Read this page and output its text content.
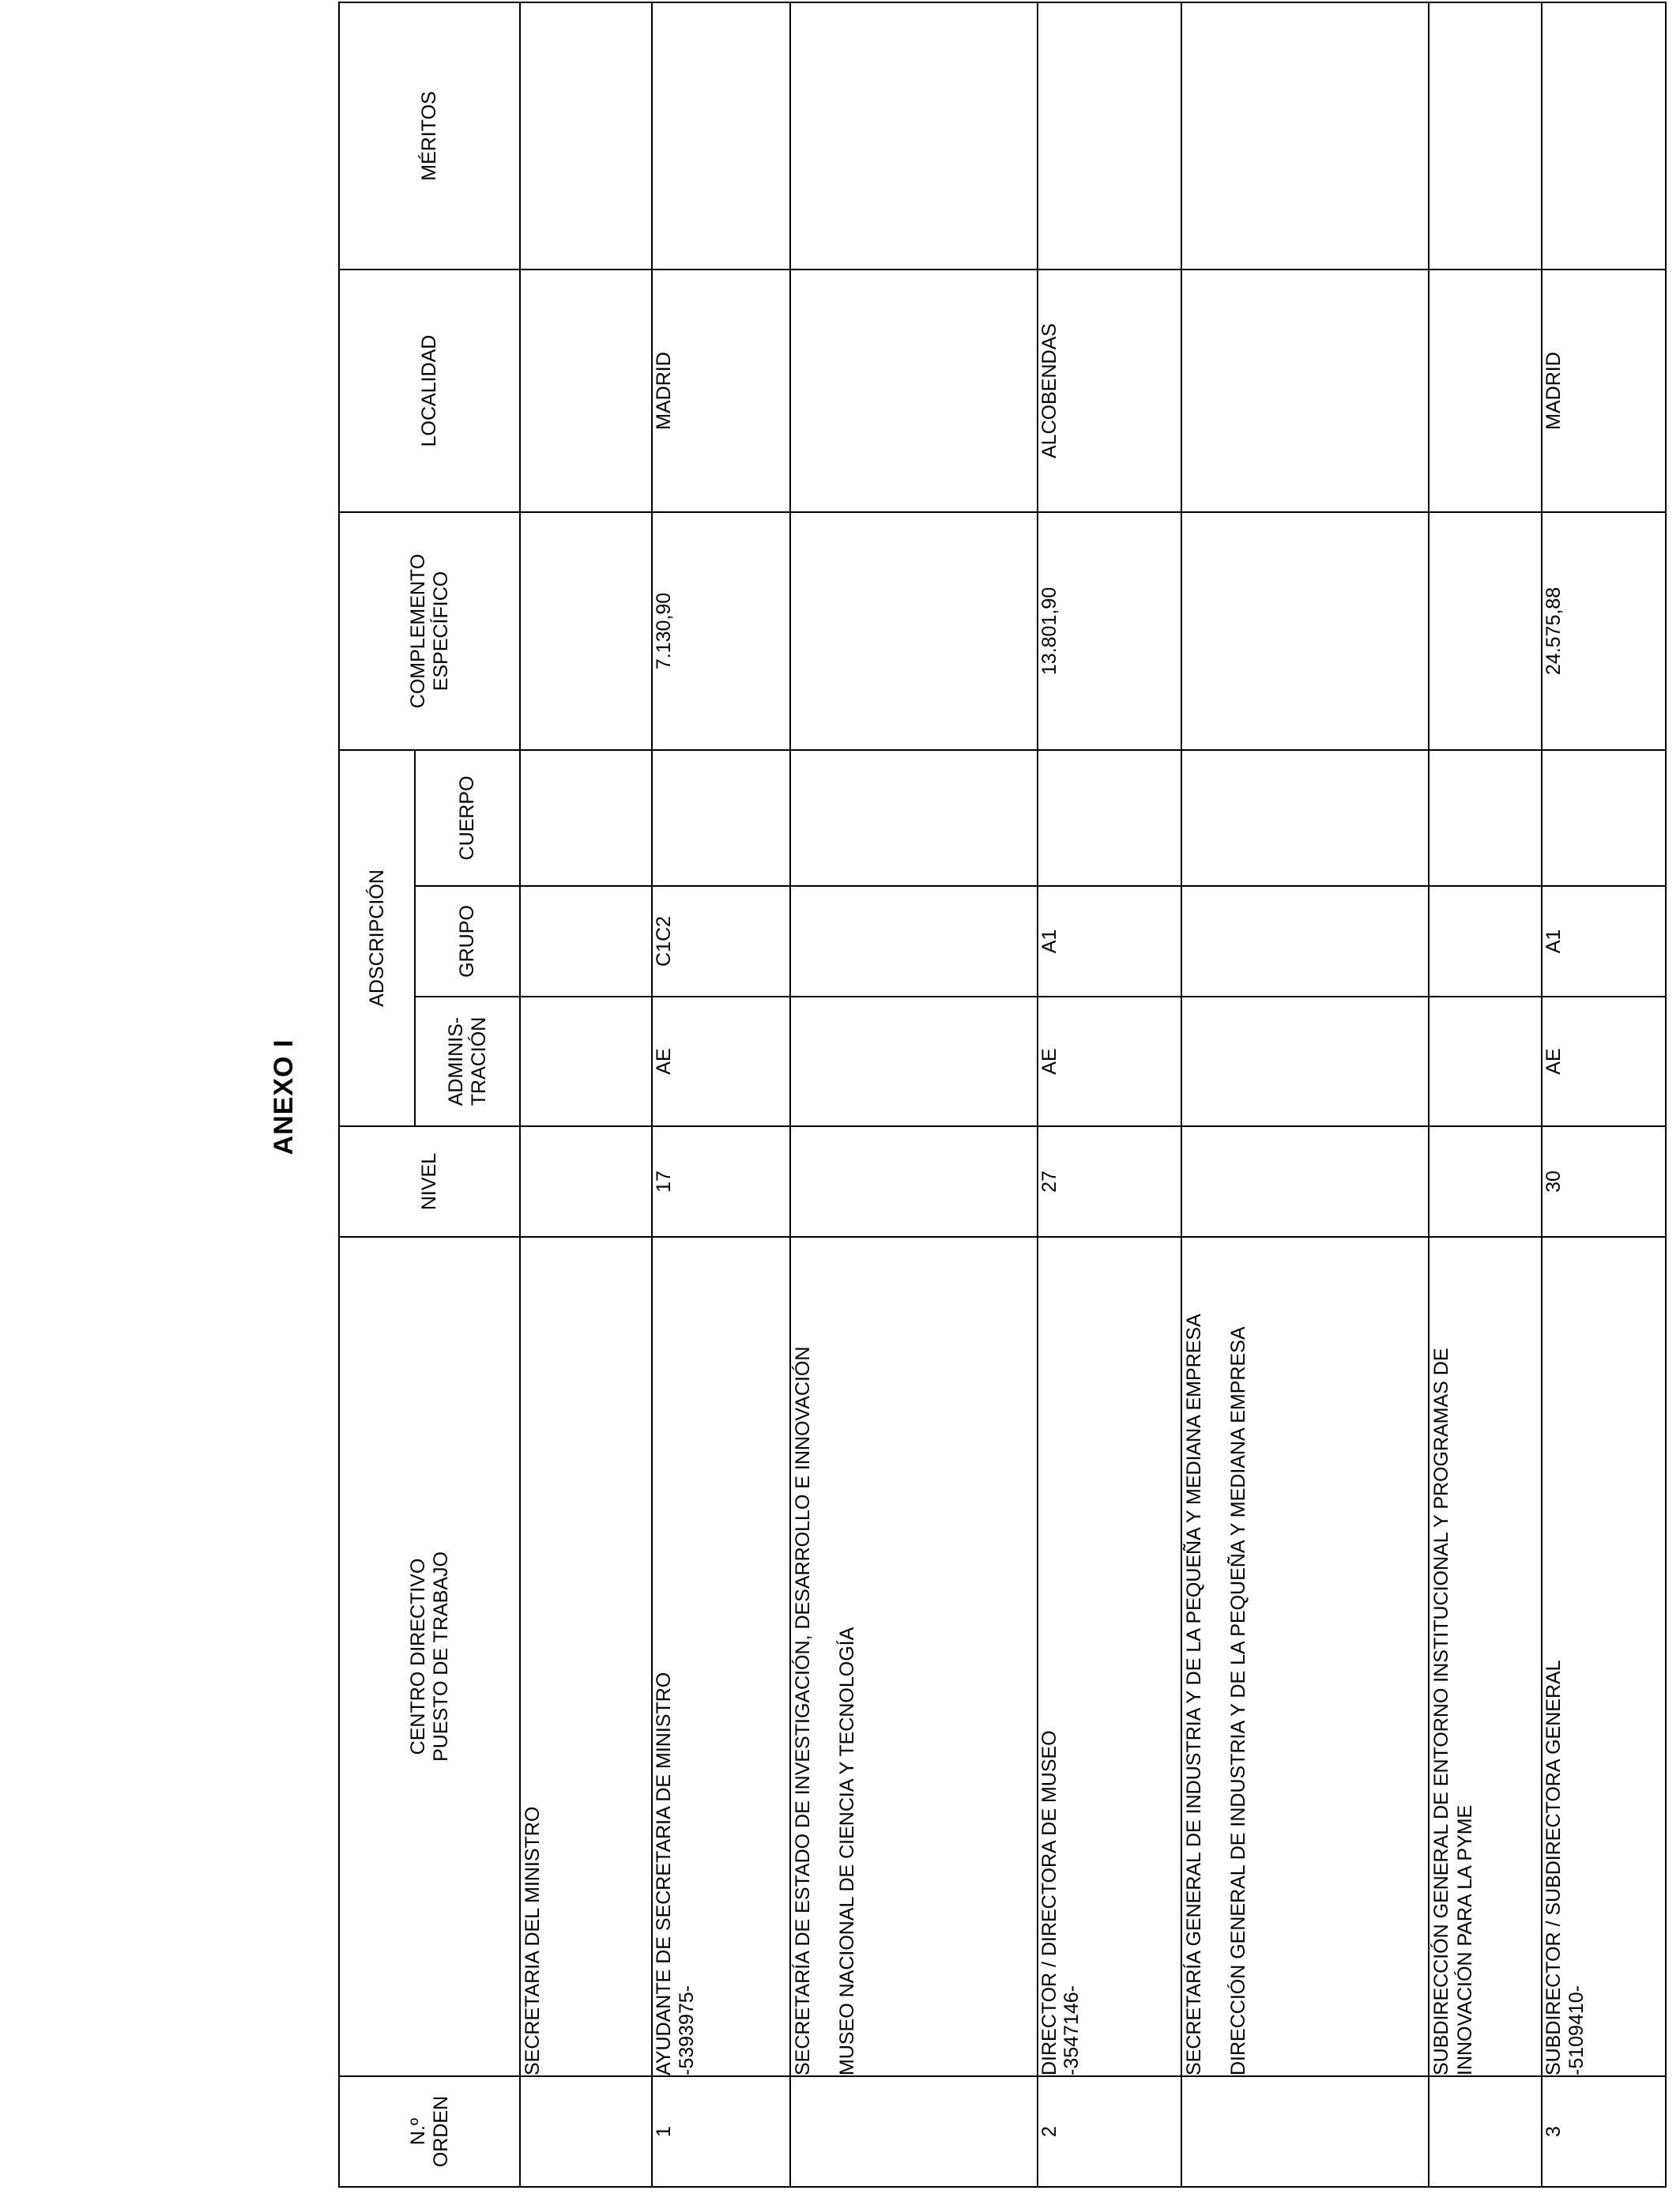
ANEXO I
N.º
ORDEN	CENTRO DIRECTIVO
PUESTO DE TRABAJO	NIVEL	ADSCRIPCIÓN			COMPLEMENTO
ESPECÍFICO	LOCALIDAD	MÉRITOS
			ADMINIS-
TRACIÓN	GRUPO	CUERPO			

	SECRETARIA DEL MINISTRO							

1	AYUDANTE DE SECRETARIA DE MINISTRO -5393975-	17	AE	C1C2		7.130,90	MADRID	

	SECRETARÍA DE ESTADO DE INVESTIGACIÓN, DESARROLLO E INNOVACIÓN MUSEO NACIONAL DE CIENCIA Y TECNOLOGÍA							

2	DIRECTOR / DIRECTORA DE MUSEO -3547146-	27	AE	A1		13.801,90	ALCOBENDAS	

	SECRETARÍA GENERAL DE INDUSTRIA Y DE LA PEQUEÑA Y MEDIANA EMPRESA DIRECCIÓN GENERAL DE INDUSTRIA Y DE LA PEQUEÑA Y MEDIANA EMPRESA							

	SUBDIRECCIÓN GENERAL DE ENTORNO INSTITUCIONAL Y PROGRAMAS DE INNOVACIÓN PARA LA PYME							

3	SUBDIRECTOR / SUBDIRECTORA GENERAL -5109410-	30	AE	A1		24.575,88	MADRID	
